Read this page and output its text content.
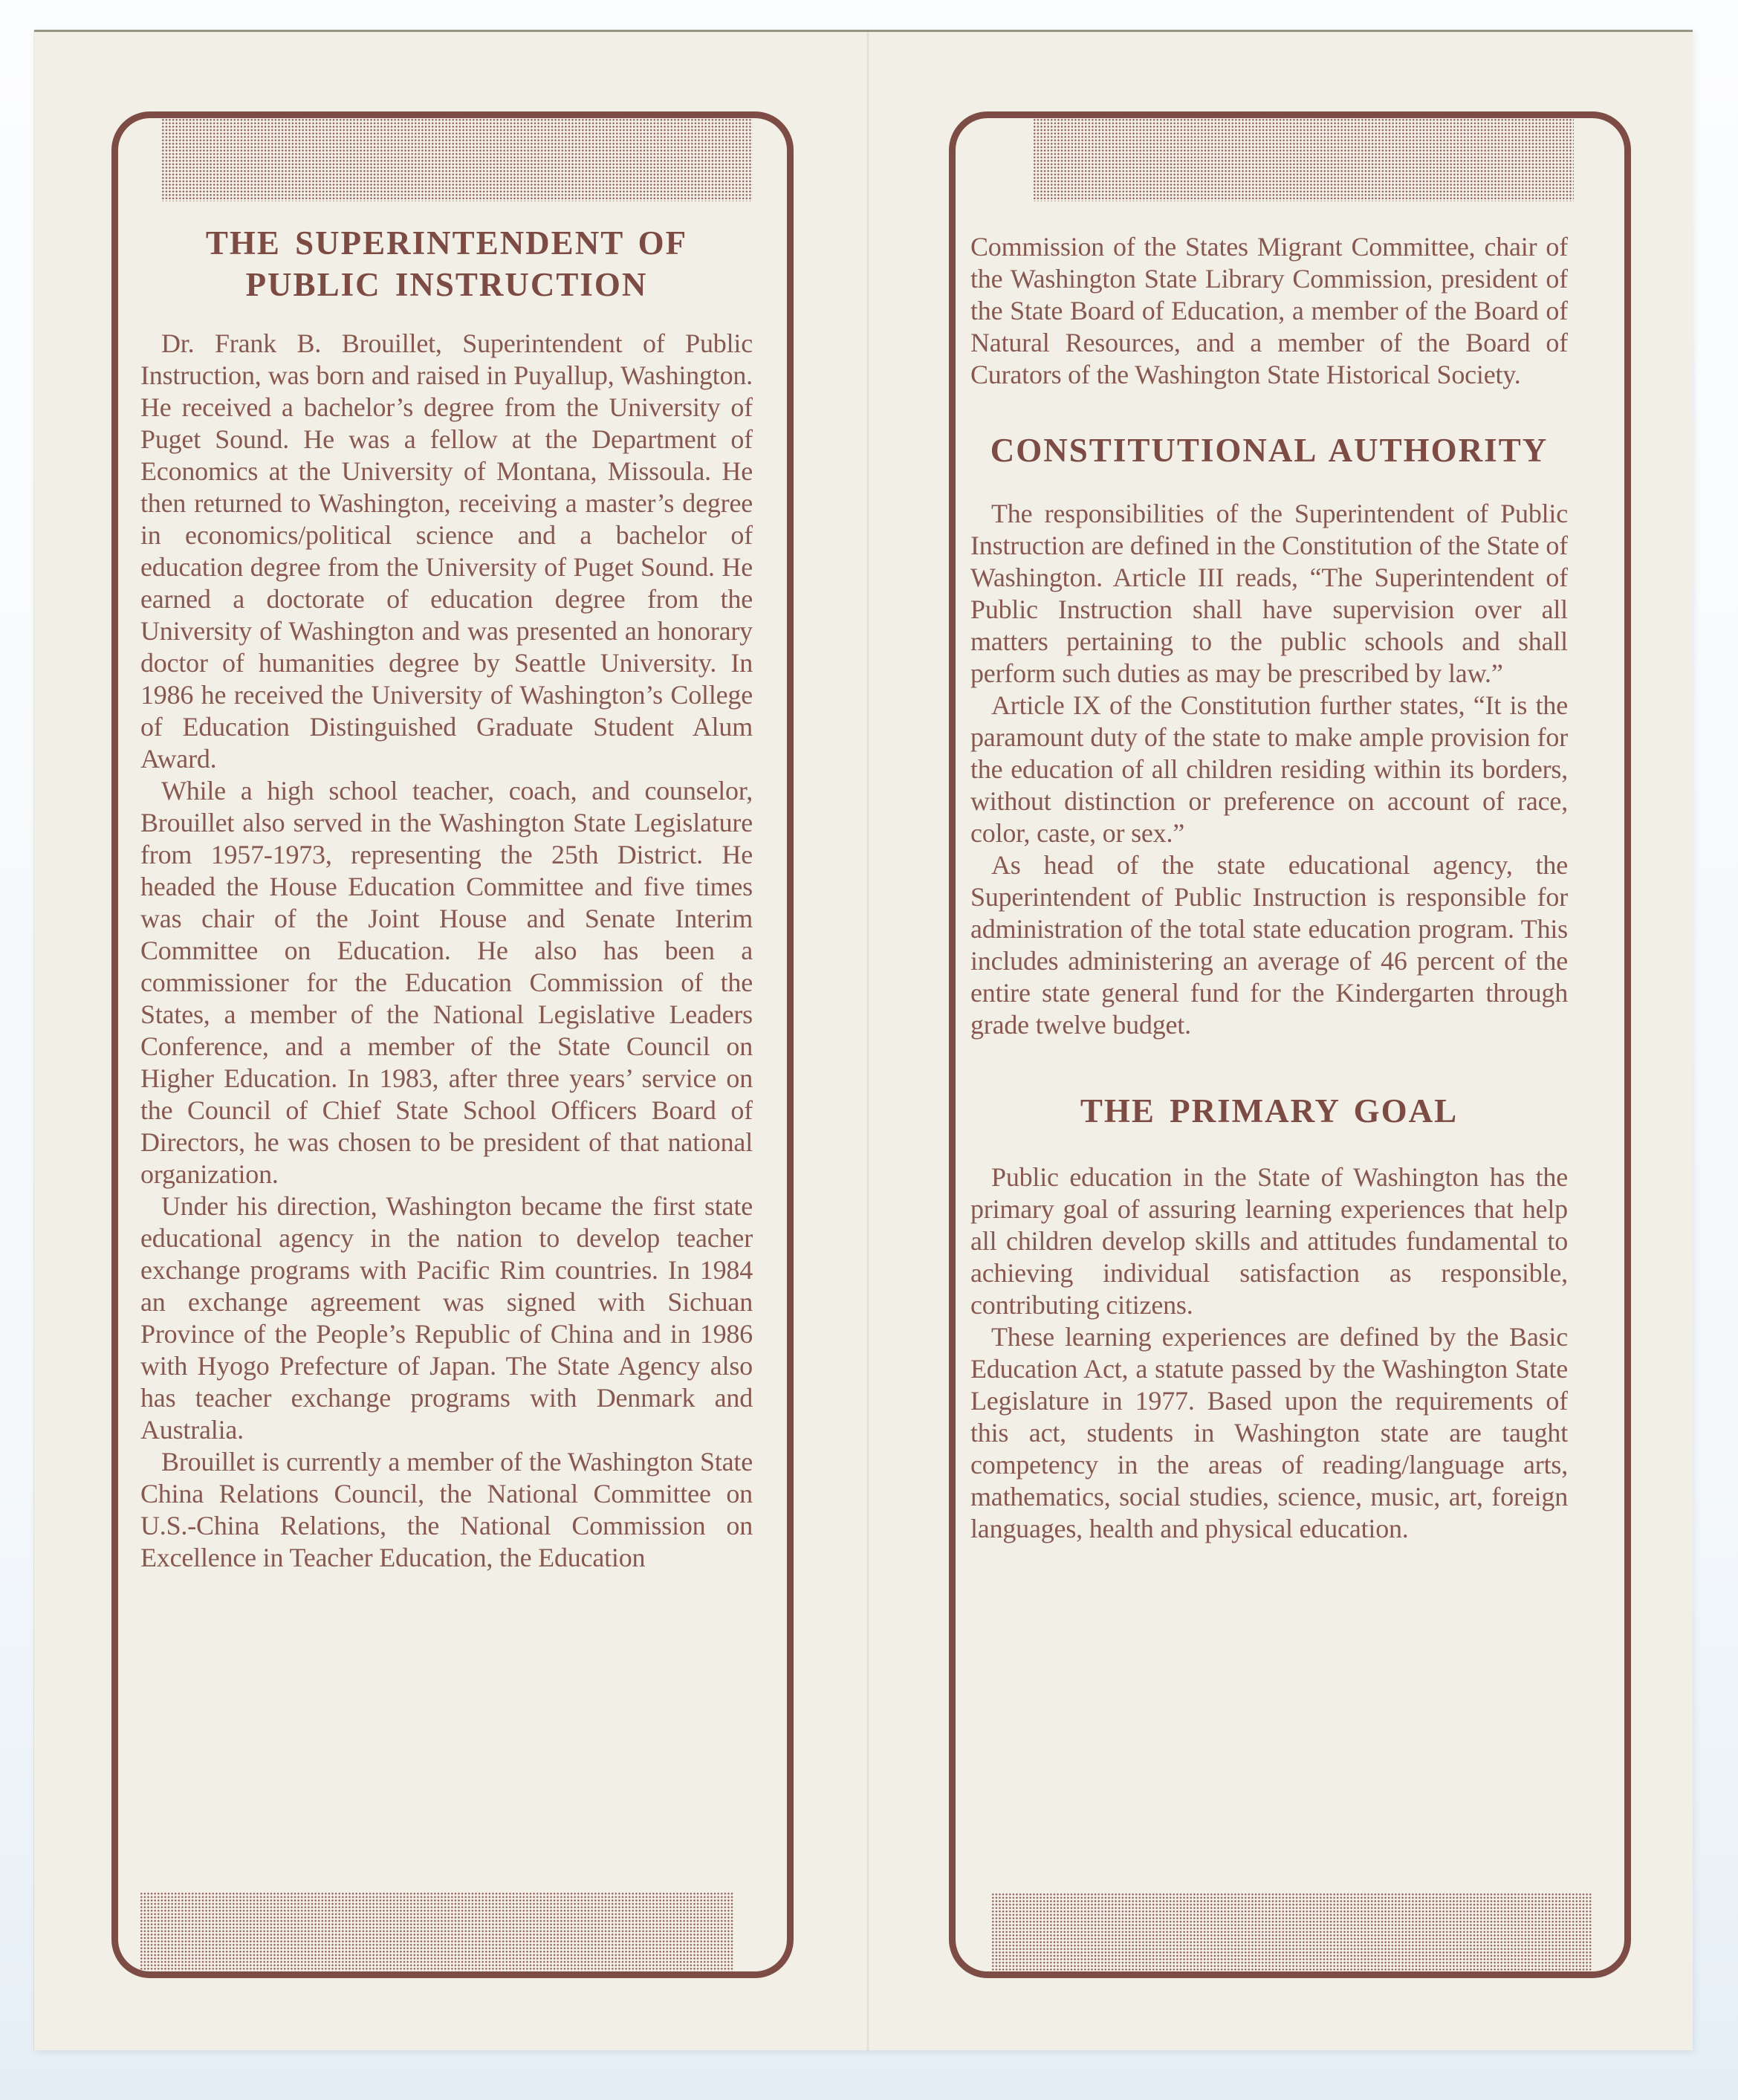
THE SUPERINTENDENT OF
PUBLIC INSTRUCTION

Dr. Frank B. Brouillet, Superintendent of Public Instruction, was born and raised in Puyallup, Washington. He received a bachelor’s degree from the University of Puget Sound. He was a fellow at the Department of Economics at the University of Montana, Missoula. He then returned to Washington, receiving a master’s degree in economics/political science and a bachelor of education degree from the University of Puget Sound. He earned a doctorate of education degree from the University of Washington and was presented an honorary doctor of humanities degree by Seattle University. In 1986 he received the University of Washington’s College of Education Distinguished Graduate Student Alum Award.

While a high school teacher, coach, and counselor, Brouillet also served in the Washington State Legislature from 1957-1973, representing the 25th District. He headed the House Education Committee and five times was chair of the Joint House and Senate Interim Committee on Education. He also has been a commissioner for the Education Commission of the States, a member of the National Legislative Leaders Conference, and a member of the State Council on Higher Education. In 1983, after three years’ service on the Council of Chief State School Officers Board of Directors, he was chosen to be president of that national organization.

Under his direction, Washington became the first state educational agency in the nation to develop teacher exchange programs with Pacific Rim countries. In 1984 an exchange agreement was signed with Sichuan Province of the People’s Republic of China and in 1986 with Hyogo Prefecture of Japan. The State Agency also has teacher exchange programs with Denmark and Australia.

Brouillet is currently a member of the Washington State China Relations Council, the National Committee on U.S.-China Relations, the National Commission on Excellence in Teacher Education, the Education

Commission of the States Migrant Committee, chair of the Washington State Library Commission, president of the State Board of Education, a member of the Board of Natural Resources, and a member of the Board of Curators of the Washington State Historical Society.

CONSTITUTIONAL AUTHORITY

The responsibilities of the Superintendent of Public Instruction are defined in the Constitution of the State of Washington. Article III reads, “The Superintendent of Public Instruction shall have supervision over all matters pertaining to the public schools and shall perform such duties as may be prescribed by law.”

Article IX of the Constitution further states, “It is the paramount duty of the state to make ample provision for the education of all children residing within its borders, without distinction or preference on account of race, color, caste, or sex.”

As head of the state educational agency, the Superintendent of Public Instruction is responsible for administration of the total state education program. This includes administering an average of 46 percent of the entire state general fund for the Kindergarten through grade twelve budget.

THE PRIMARY GOAL

Public education in the State of Washington has the primary goal of assuring learning experiences that help all children develop skills and attitudes fundamental to achieving individual satisfaction as responsible, contributing citizens.

These learning experiences are defined by the Basic Education Act, a statute passed by the Washington State Legislature in 1977. Based upon the requirements of this act, students in Washington state are taught competency in the areas of reading/language arts, mathematics, social studies, science, music, art, foreign languages, health and physical education.
